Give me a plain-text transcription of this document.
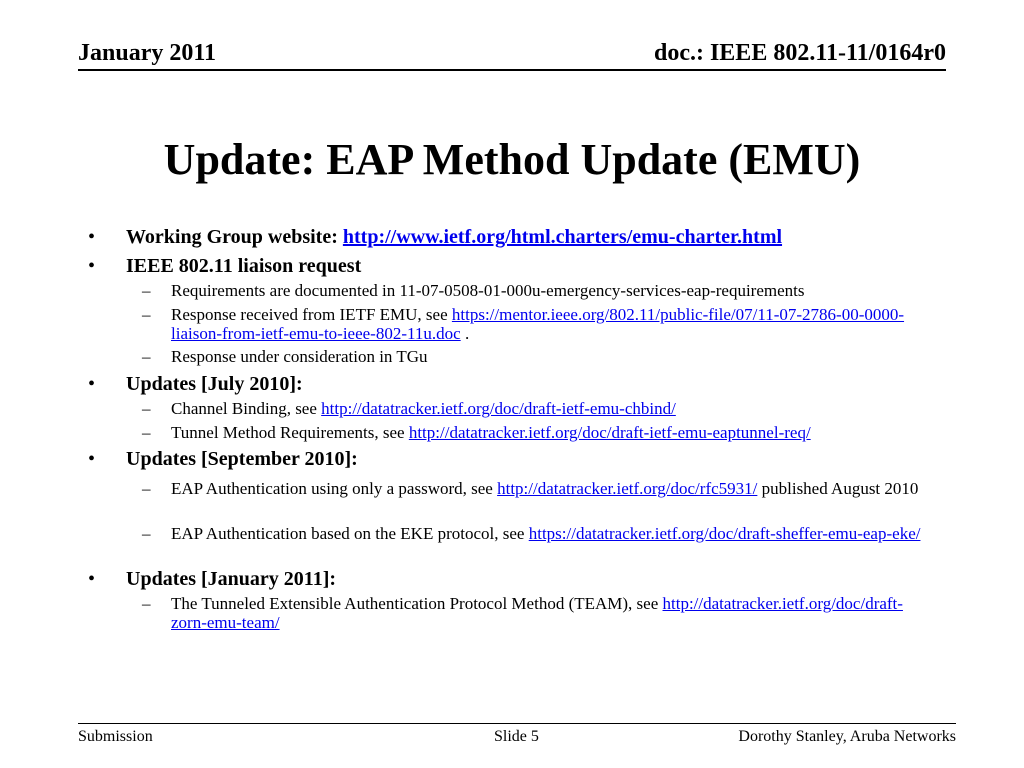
January 2011	doc.: IEEE 802.11-11/0164r0
Update: EAP Method Update (EMU)
• Working Group website: http://www.ietf.org/html.charters/emu-charter.html
• IEEE 802.11 liaison request
– Requirements are documented in 11-07-0508-01-000u-emergency-services-eap-requirements
– Response received from IETF EMU, see https://mentor.ieee.org/802.11/public-file/07/11-07-2786-00-0000-liaison-from-ietf-emu-to-ieee-802-11u.doc .
– Response under consideration in TGu
• Updates [July 2010]:
– Channel Binding, see http://datatracker.ietf.org/doc/draft-ietf-emu-chbind/
– Tunnel Method Requirements, see http://datatracker.ietf.org/doc/draft-ietf-emu-eaptunnel-req/
• Updates [September 2010]:
– EAP Authentication using only a password, see http://datatracker.ietf.org/doc/rfc5931/ published August 2010
– EAP Authentication based on the EKE protocol, see https://datatracker.ietf.org/doc/draft-sheffer-emu-eap-eke/
• Updates [January 2011]:
– The Tunneled Extensible Authentication Protocol Method (TEAM), see http://datatracker.ietf.org/doc/draft-zorn-emu-team/
Submission	Slide 5	Dorothy Stanley, Aruba Networks
